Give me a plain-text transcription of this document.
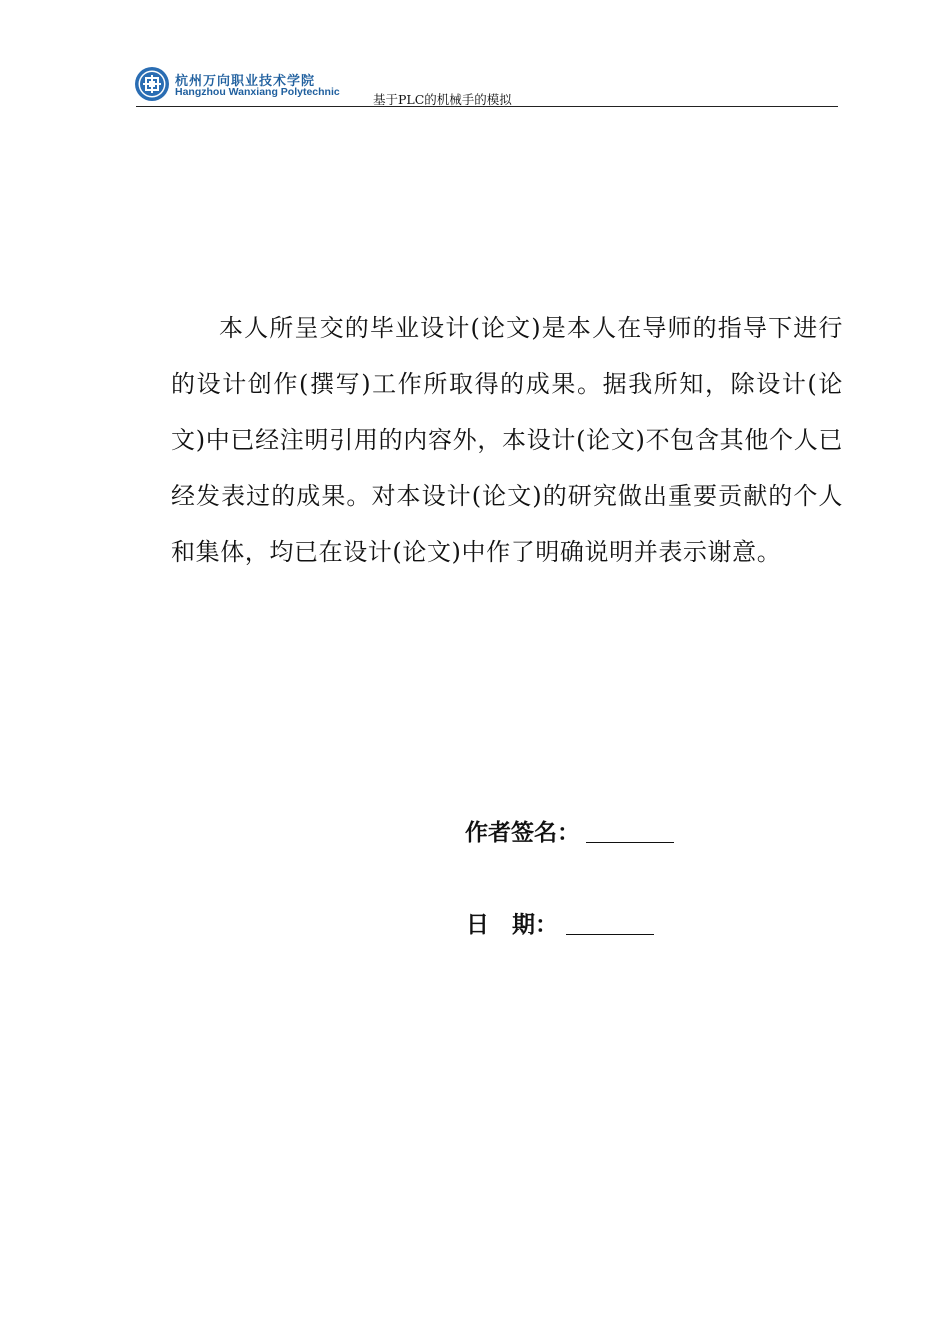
杭州万向职业技术学院
Hangzhou Wanxiang Polytechnic	基于PLC的机械手的模拟

本人所呈交的毕业设计(论文)是本人在导师的指导下进行的设计创作(撰写)工作所取得的成果。据我所知，除设计(论文)中已经注明引用的内容外，本设计(论文)不包含其他个人已经发表过的成果。对本设计(论文)的研究做出重要贡献的个人和集体，均已在设计(论文)中作了明确说明并表示谢意。

作者签名：
日　期：
